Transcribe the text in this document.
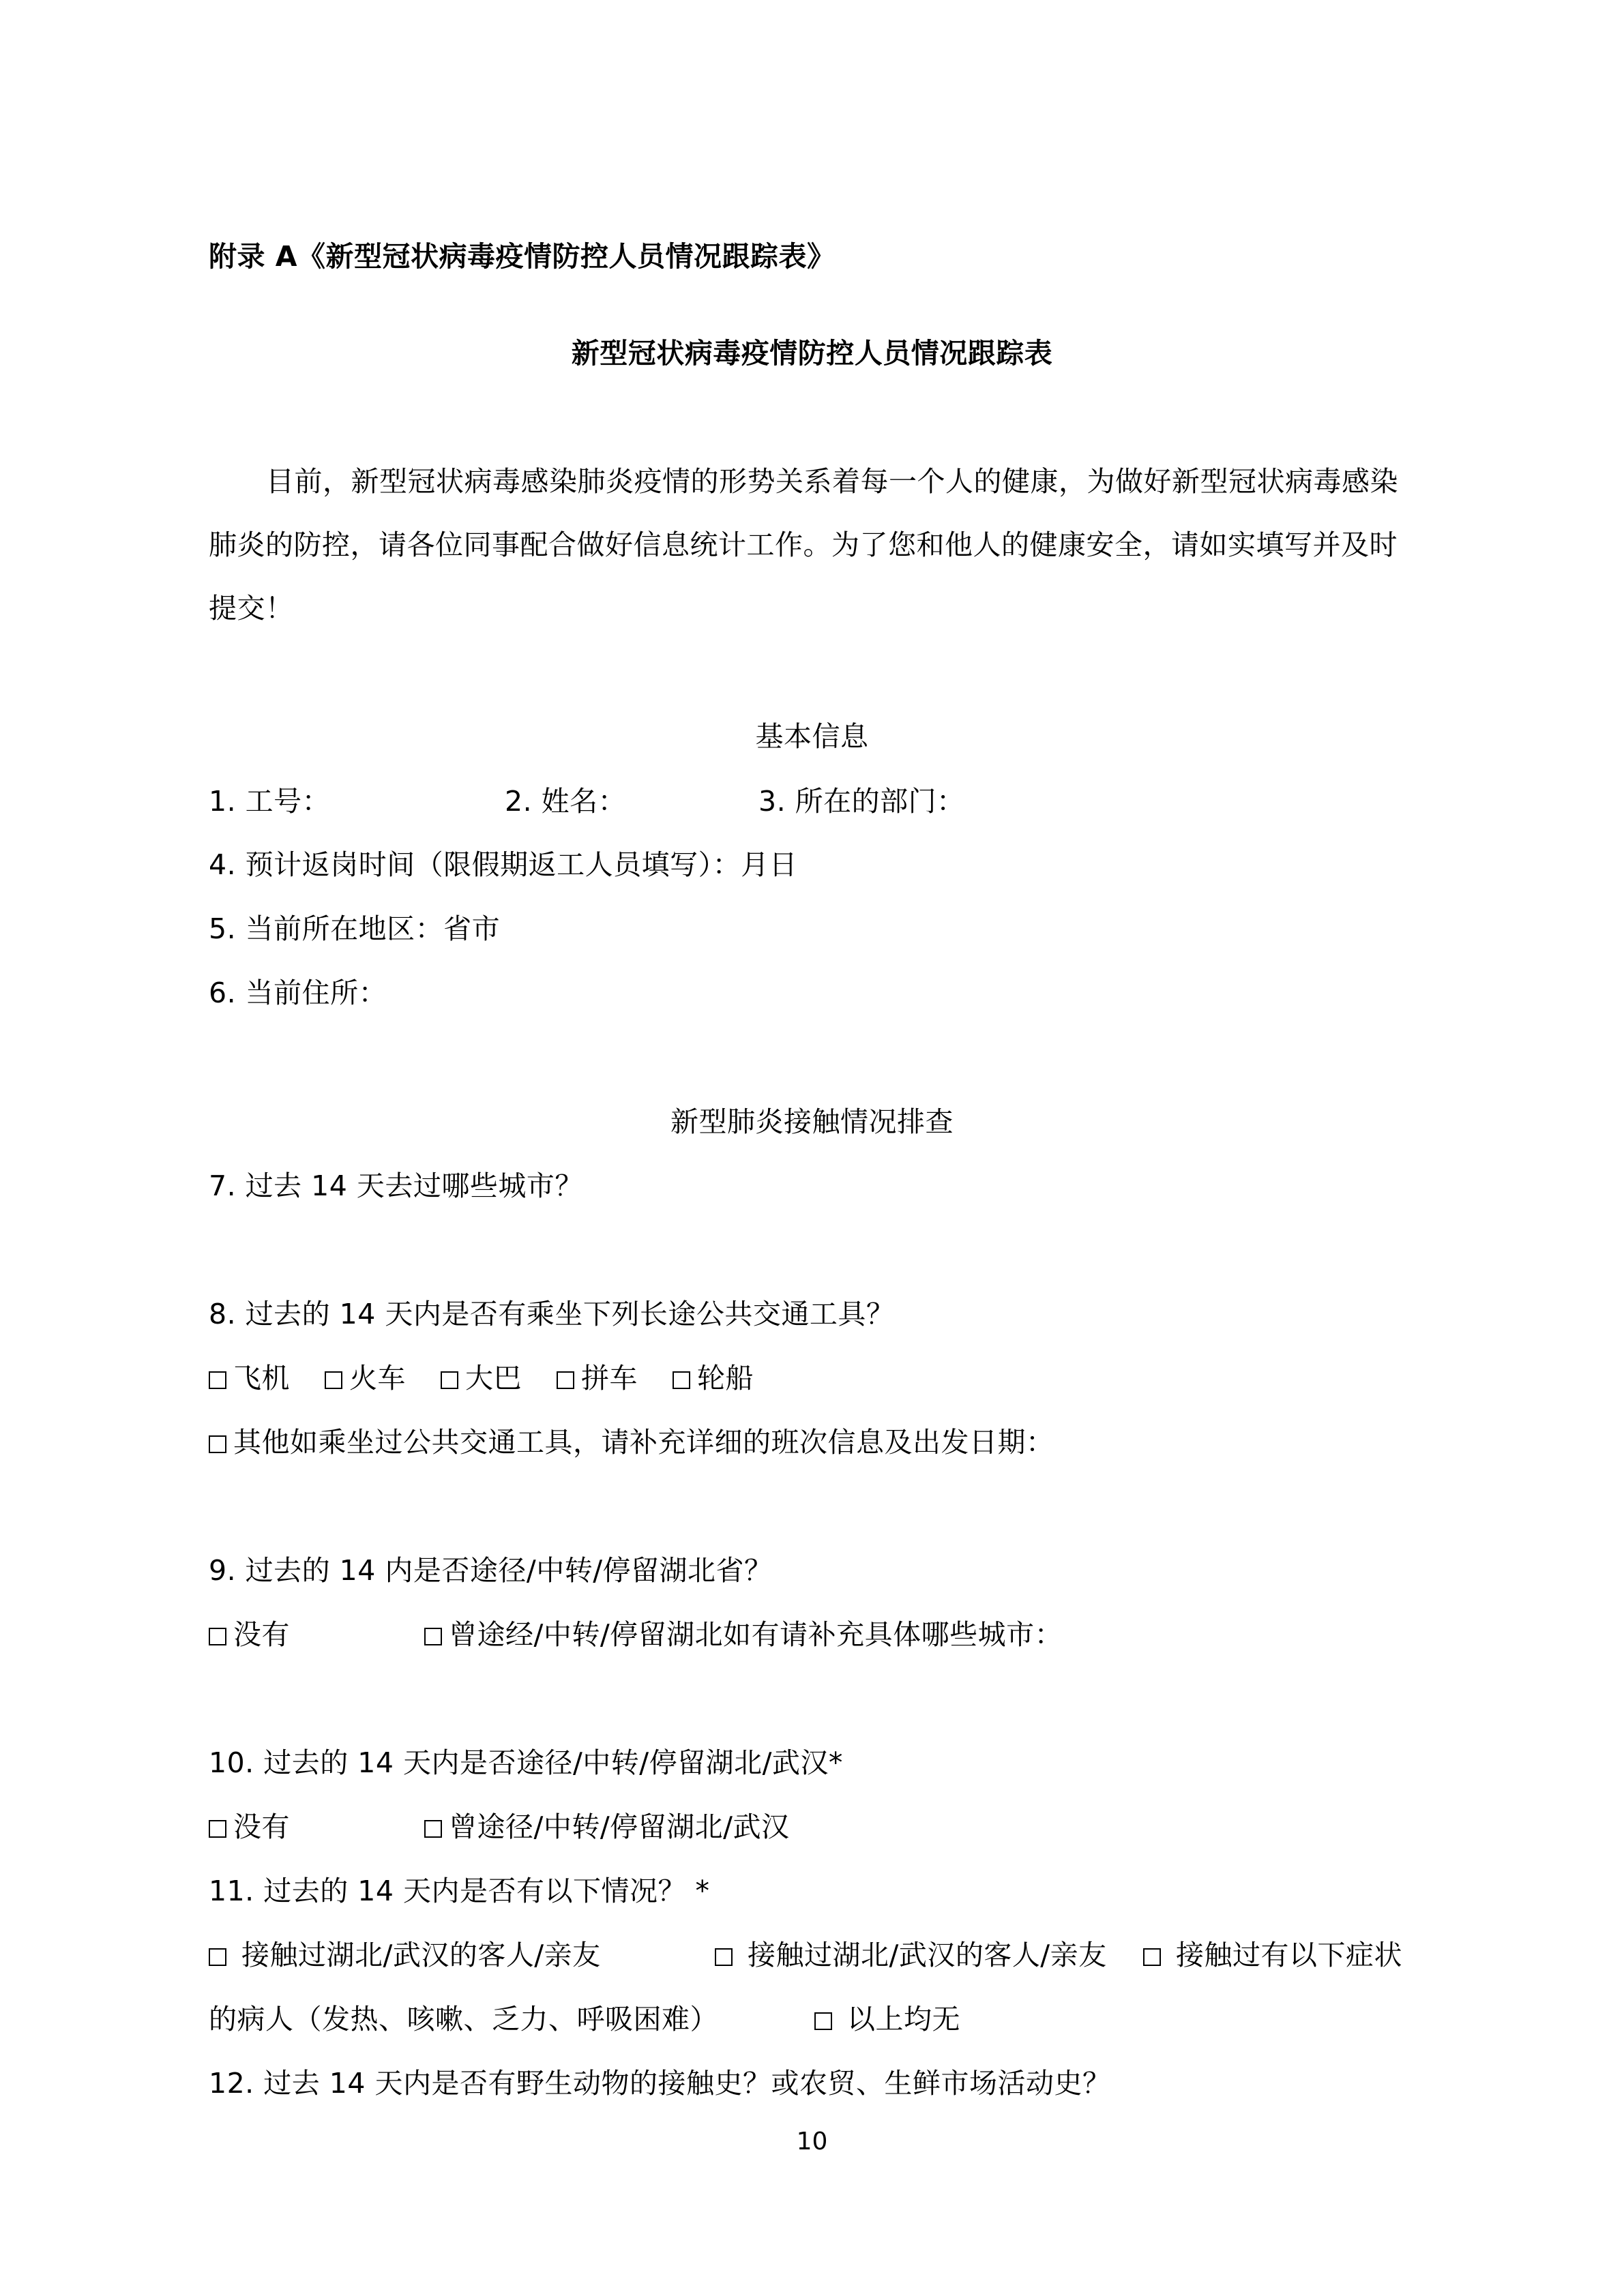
附录 A《新型冠状病毒疫情防控人员情况跟踪表》
新型冠状病毒疫情防控人员情况跟踪表
目前，新型冠状病毒感染肺炎疫情的形势关系着每一个人的健康，为做好新型冠状病毒感染
肺炎的防控，请各位同事配合做好信息统计工作。为了您和他人的健康安全，请如实填写并及时
提交！
基本信息
1. 工号：	2. 姓名：	3. 所在的部门：
4. 预计返岗时间（限假期返工人员填写）：月日
5. 当前所在地区：省市
6. 当前住所：
新型肺炎接触情况排查
7. 过去 14 天去过哪些城市？
8. 过去的 14 天内是否有乘坐下列长途公共交通工具？
飞机	火车	大巴	拼车	轮船
其他如乘坐过公共交通工具，请补充详细的班次信息及出发日期：
9. 过去的 14 内是否途径/中转/停留湖北省？
没有	曾途经/中转/停留湖北如有请补充具体哪些城市：
10. 过去的 14 天内是否途径/中转/停留湖北/武汉*
没有	曾途径/中转/停留湖北/武汉
11. 过去的 14 天内是否有以下情况？ *
接触过湖北/武汉的客人/亲友	接触过湖北/武汉的客人/亲友	接触过有以下症状
的病人（发热、咳嗽、乏力、呼吸困难）	以上均无
12. 过去 14 天内是否有野生动物的接触史？或农贸、生鲜市场活动史？
10
